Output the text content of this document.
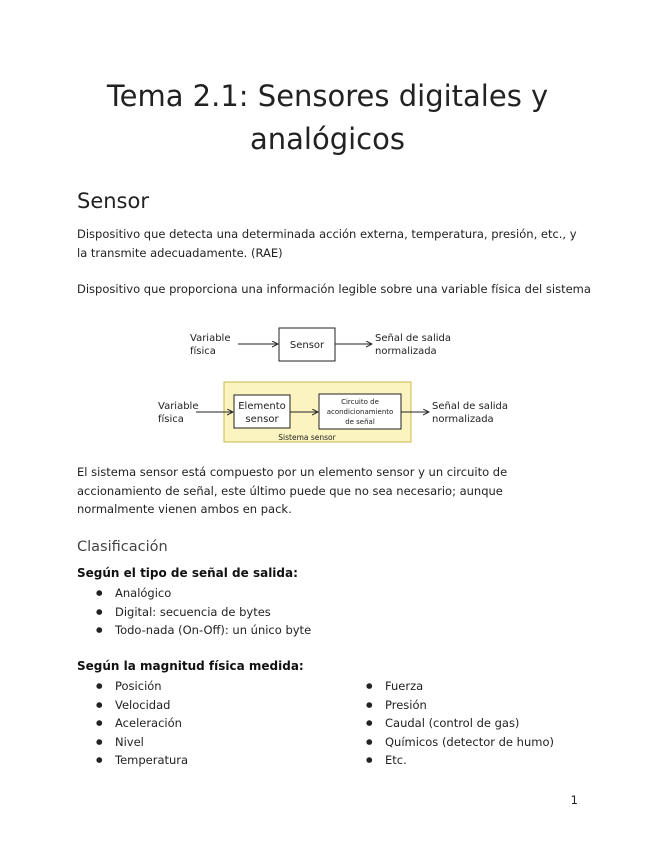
Tema 2.1: Sensores digitales y
analógicos
Sensor
Dispositivo que detecta una determinada acción externa, temperatura, presión, etc., y la transmite adecuadamente. (RAE)
Dispositivo que proporciona una información legible sobre una variable física del sistema
Variable
física
Sensor
Señal de salida
normalizada
Variable
física
Elemento
sensor
Circuito de
acondicionamiento
de señal
Sistema sensor
Señal de salida
normalizada
El sistema sensor está compuesto por un elemento sensor y un circuito de accionamiento de señal, este último puede que no sea necesario; aunque normalmente vienen ambos en pack.
Clasificación
Según el tipo de señal de salida:
● Analógico
● Digital: secuencia de bytes
● Todo-nada (On-Off): un único byte
Según la magnitud física medida:
● Posición
● Velocidad
● Aceleración
● Nivel
● Temperatura
● Fuerza
● Presión
● Caudal (control de gas)
● Químicos (detector de humo)
● Etc.
1
